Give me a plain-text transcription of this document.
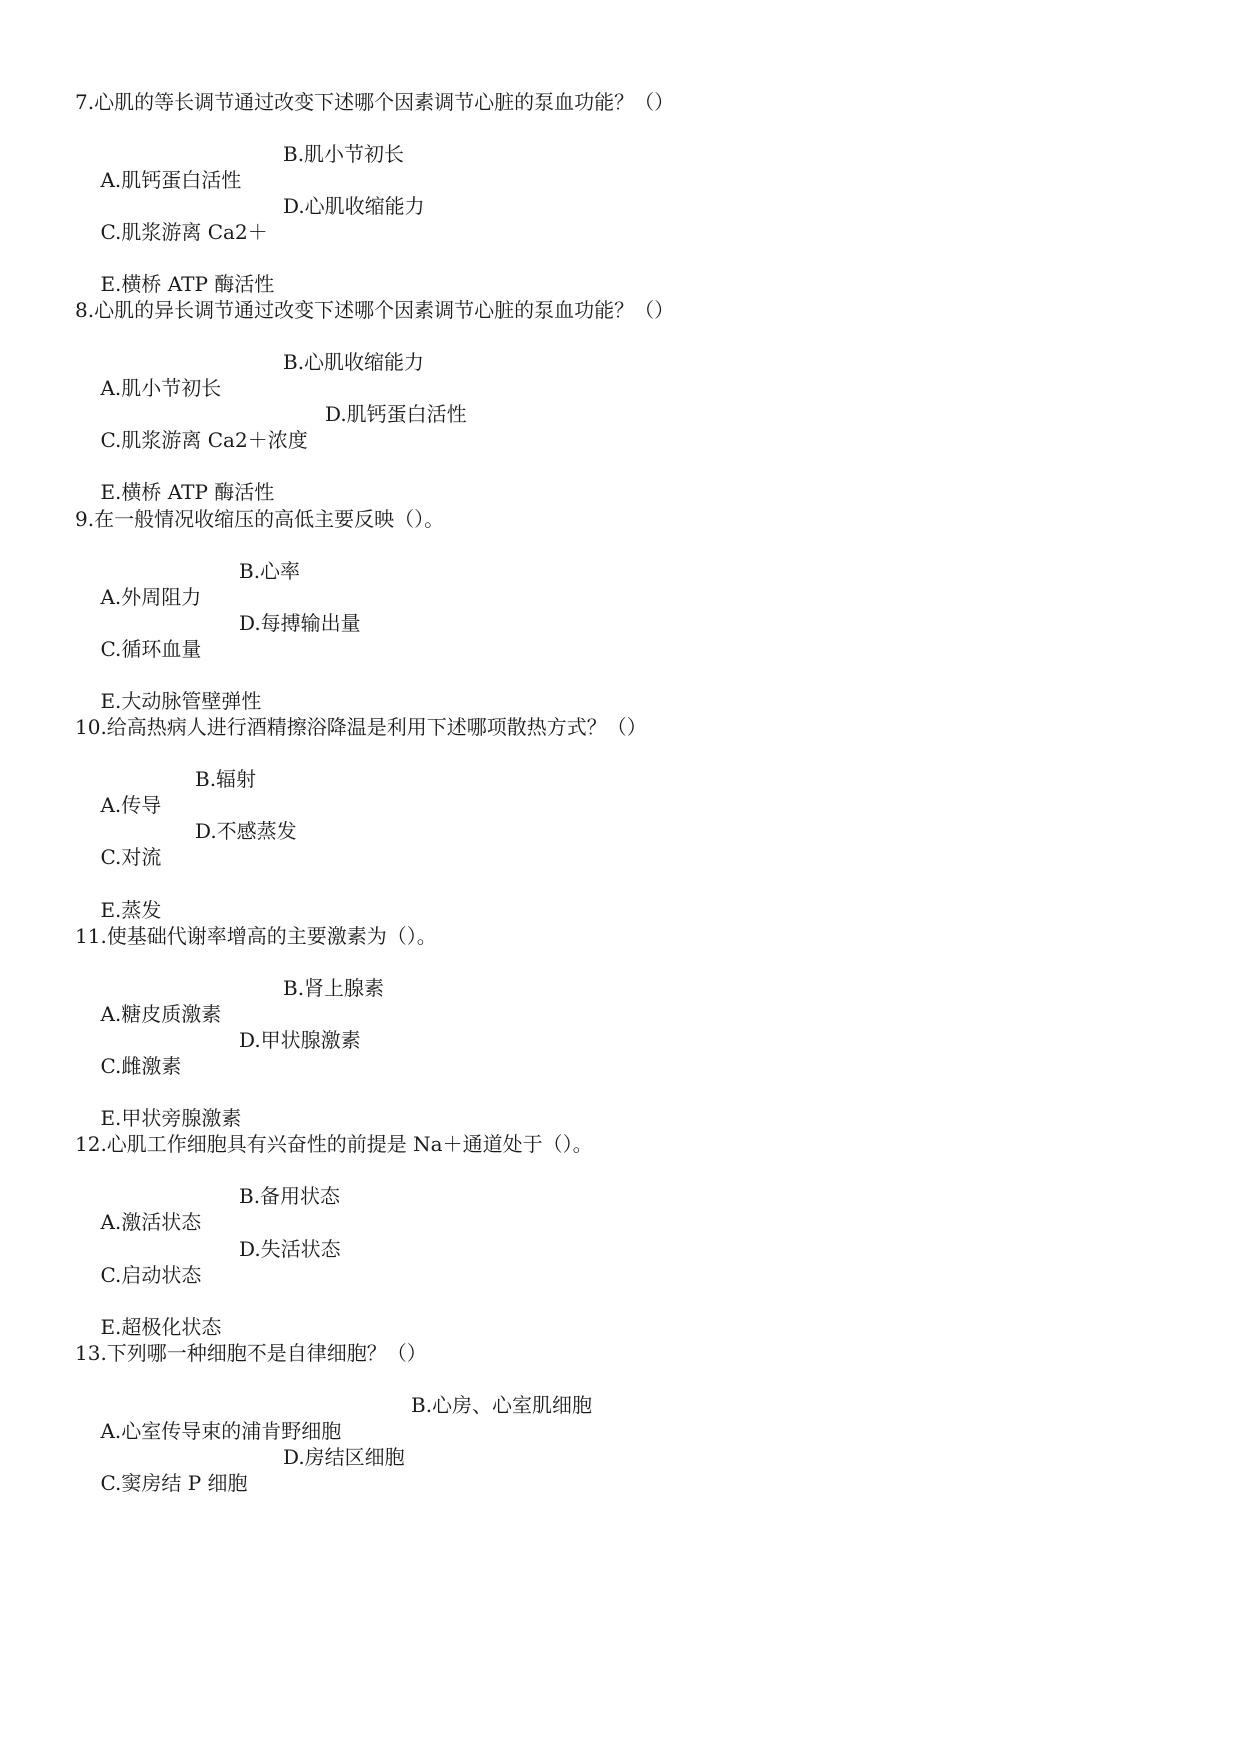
7.心肌的等长调节通过改变下述哪个因素调节心脏的泵血功能？（）

A.肌钙蛋白活性

B.肌小节初长

C.肌浆游离 Ca2＋

D.心肌收缩能力

E.横桥 ATP 酶活性

8.心肌的异长调节通过改变下述哪个因素调节心脏的泵血功能？（）

A.肌小节初长

B.心肌收缩能力

C.肌浆游离 Ca2＋浓度

D.肌钙蛋白活性

E.横桥 ATP 酶活性

9.在一般情况收缩压的高低主要反映（）。

A.外周阻力

B.心率

C.循环血量

D.每搏输出量

E.大动脉管壁弹性

10.给高热病人进行酒精擦浴降温是利用下述哪项散热方式？（）

A.传导

B.辐射

C.对流

D.不感蒸发

E.蒸发

11.使基础代谢率增高的主要激素为（）。

A.糖皮质激素

B.肾上腺素

C.雌激素

D.甲状腺激素

E.甲状旁腺激素

12.心肌工作细胞具有兴奋性的前提是 Na＋通道处于（）。

A.激活状态

B.备用状态

C.启动状态

D.失活状态

E.超极化状态

13.下列哪一种细胞不是自律细胞？（）

A.心室传导束的浦肯野细胞

B.心房、心室肌细胞

C.窦房结 P 细胞

D.房结区细胞
